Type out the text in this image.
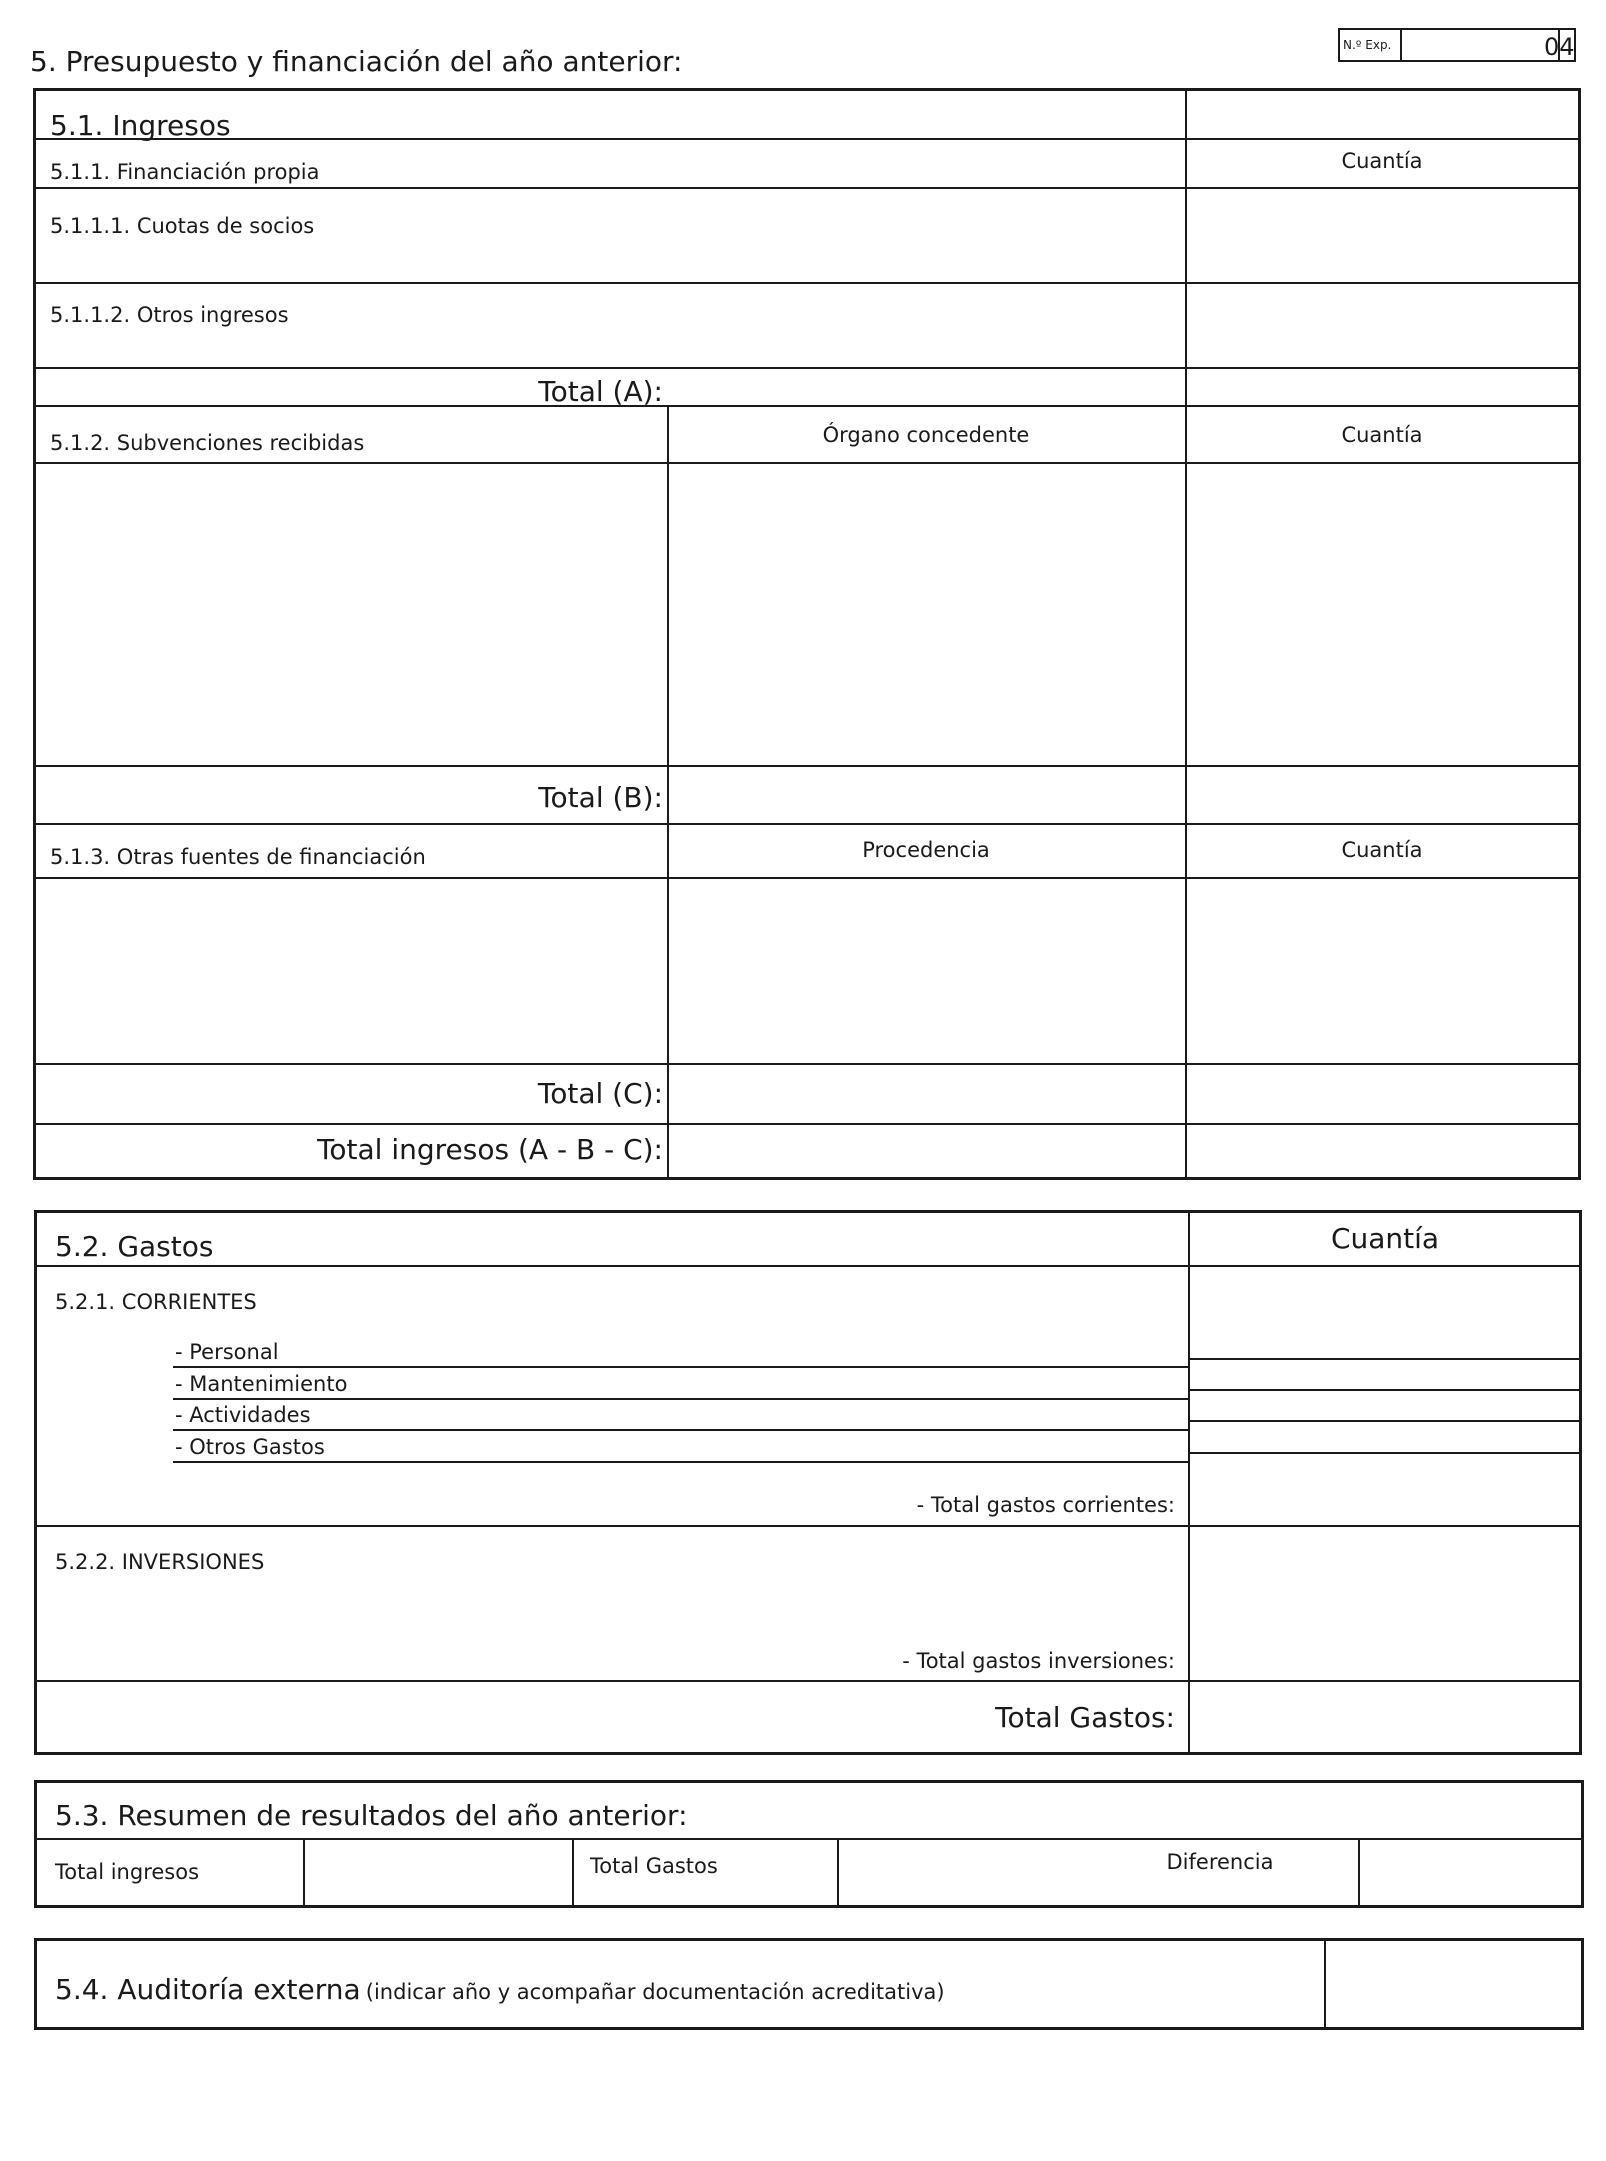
5. Presupuesto y financiación del año anterior:	N.º Exp.	04
5.1. Ingresos
5.1.1. Financiación propia	Cuantía
5.1.1.1. Cuotas de socios
5.1.1.2. Otros ingresos
Total (A):
5.1.2. Subvenciones recibidas	Órgano concedente	Cuantía
Total (B):
5.1.3. Otras fuentes de financiación	Procedencia	Cuantía
Total (C):
Total ingresos (A - B - C):
5.2. Gastos	Cuantía
5.2.1. CORRIENTES
- Personal
- Mantenimiento
- Actividades
- Otros Gastos
- Total gastos corrientes:
5.2.2. INVERSIONES
- Total gastos inversiones:
Total Gastos:
5.3. Resumen de resultados del año anterior:
Total ingresos	Total Gastos	Diferencia
5.4. Auditoría externa (indicar año y acompañar documentación acreditativa)
